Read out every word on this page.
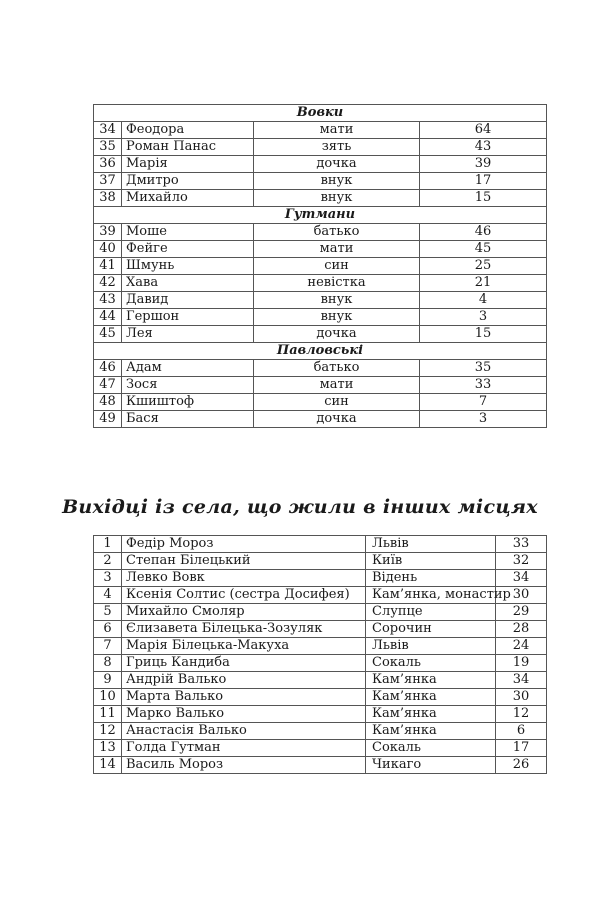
Вовки			
34	Феодора	мати	64
35	Роман Панас	зять	43
36	Марія	дочка	39
37	Дмитро	внук	17
38	Михайло	внук	15
Гутмани			
39	Моше	батько	46
40	Фейге	мати	45
41	Шмунь	син	25
42	Хава	невістка	21
43	Давид	внук	4
44	Гершон	внук	3
45	Лея	дочка	15
Павловські			
46	Адам	батько	35
47	Зося	мати	33
48	Кшиштоф	син	7
49	Бася	дочка	3
Вихідці із села, що жили в інших місцях
1	Федір Мороз	Львів	33
2	Степан Білецький	Київ	32
3	Левко Вовк	Відень	34
4	Ксенія Солтис (сестра Досифея)	Кам’янка, монастир	30
5	Михайло Смоляр	Слупце	29
6	Єлизавета Білецька-Зозуляк	Сорочин	28
7	Марія Білецька-Макуха	Львів	24
8	Гриць Кандиба	Сокаль	19
9	Андрій Валько	Кам’янка	34
10	Марта Валько	Кам’янка	30
11	Марко Валько	Кам’янка	12
12	Анастасія Валько	Кам’янка	6
13	Голда Гутман	Сокаль	17
14	Василь Мороз	Чикаго	26
